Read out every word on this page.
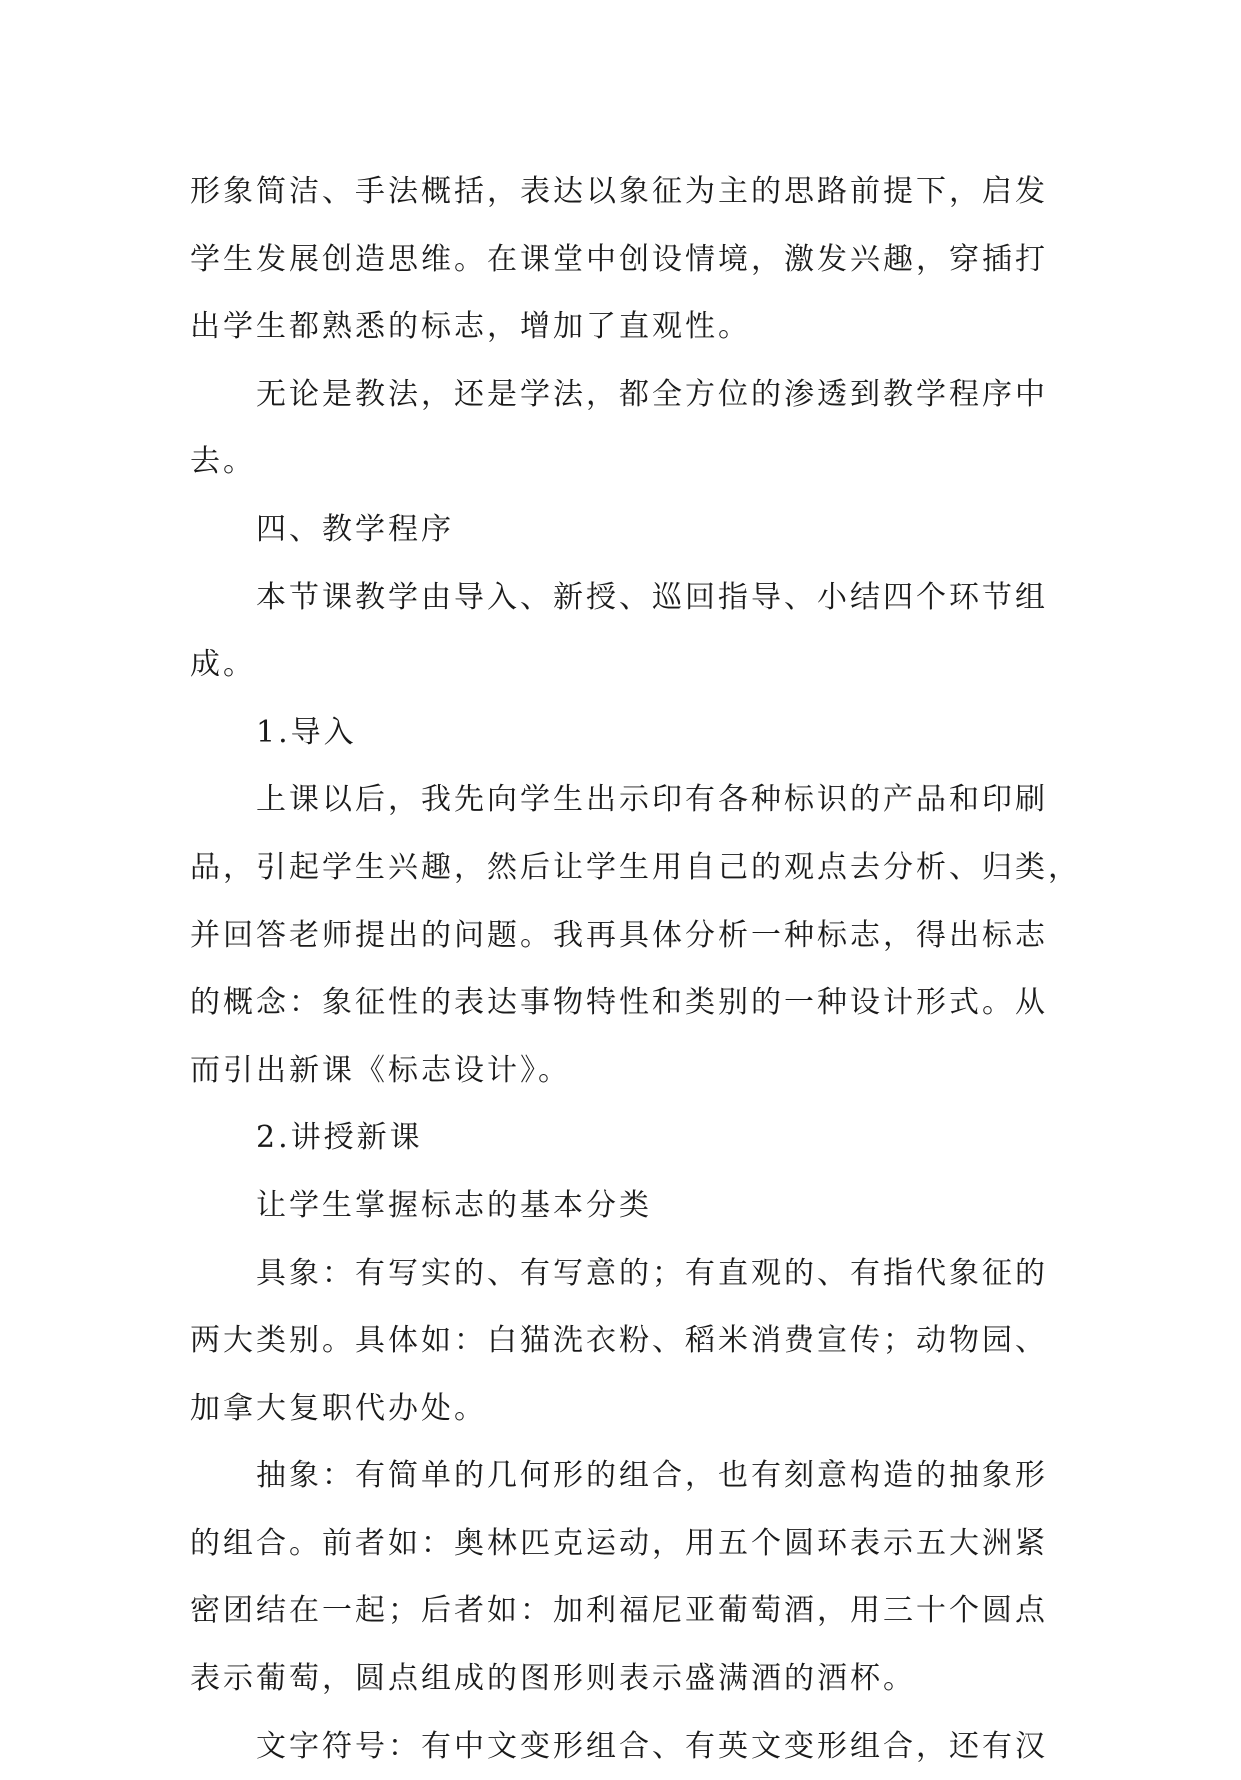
形象简洁、手法概括，表达以象征为主的思路前提下，启发
学生发展创造思维。在课堂中创设情境，激发兴趣，穿插打
出学生都熟悉的标志，增加了直观性。
无论是教法，还是学法，都全方位的渗透到教学程序中
去。
四、教学程序
本节课教学由导入、新授、巡回指导、小结四个环节组
成。
1.导入
上课以后，我先向学生出示印有各种标识的产品和印刷
品，引起学生兴趣，然后让学生用自己的观点去分析、归类，
并回答老师提出的问题。我再具体分析一种标志，得出标志
的概念：象征性的表达事物特性和类别的一种设计形式。从
而引出新课《标志设计》。
2.讲授新课
让学生掌握标志的基本分类
具象：有写实的、有写意的；有直观的、有指代象征的
两大类别。具体如：白猫洗衣粉、稻米消费宣传；动物园、
加拿大复职代办处。
抽象：有简单的几何形的组合，也有刻意构造的抽象形
的组合。前者如：奥林匹克运动，用五个圆环表示五大洲紧
密团结在一起；后者如：加利福尼亚葡萄酒，用三十个圆点
表示葡萄，圆点组成的图形则表示盛满酒的酒杯。
文字符号：有中文变形组合、有英文变形组合，还有汉
